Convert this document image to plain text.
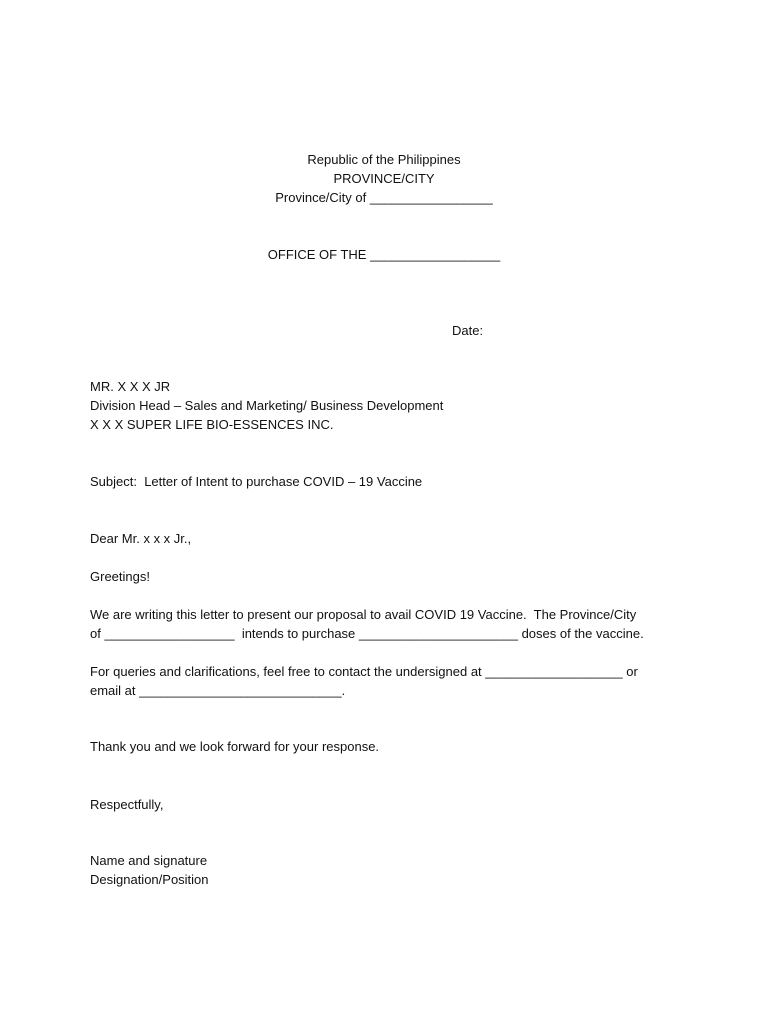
Republic of the Philippines

PROVINCE/CITY

Province/City of _________________

OFFICE OF THE __________________

Date:

MR. X X X JR

Division Head – Sales and Marketing/ Business Development

X X X SUPER LIFE BIO-ESSENCES INC.

Subject:  Letter of Intent to purchase COVID – 19 Vaccine

Dear Mr. x x x Jr.,

Greetings!

We are writing this letter to present our proposal to avail COVID 19 Vaccine.  The Province/City

of __________________  intends to purchase ______________________ doses of the vaccine.

For queries and clarifications, feel free to contact the undersigned at ___________________ or

email at ____________________________.

Thank you and we look forward for your response.

Respectfully,

Name and signature

Designation/Position
